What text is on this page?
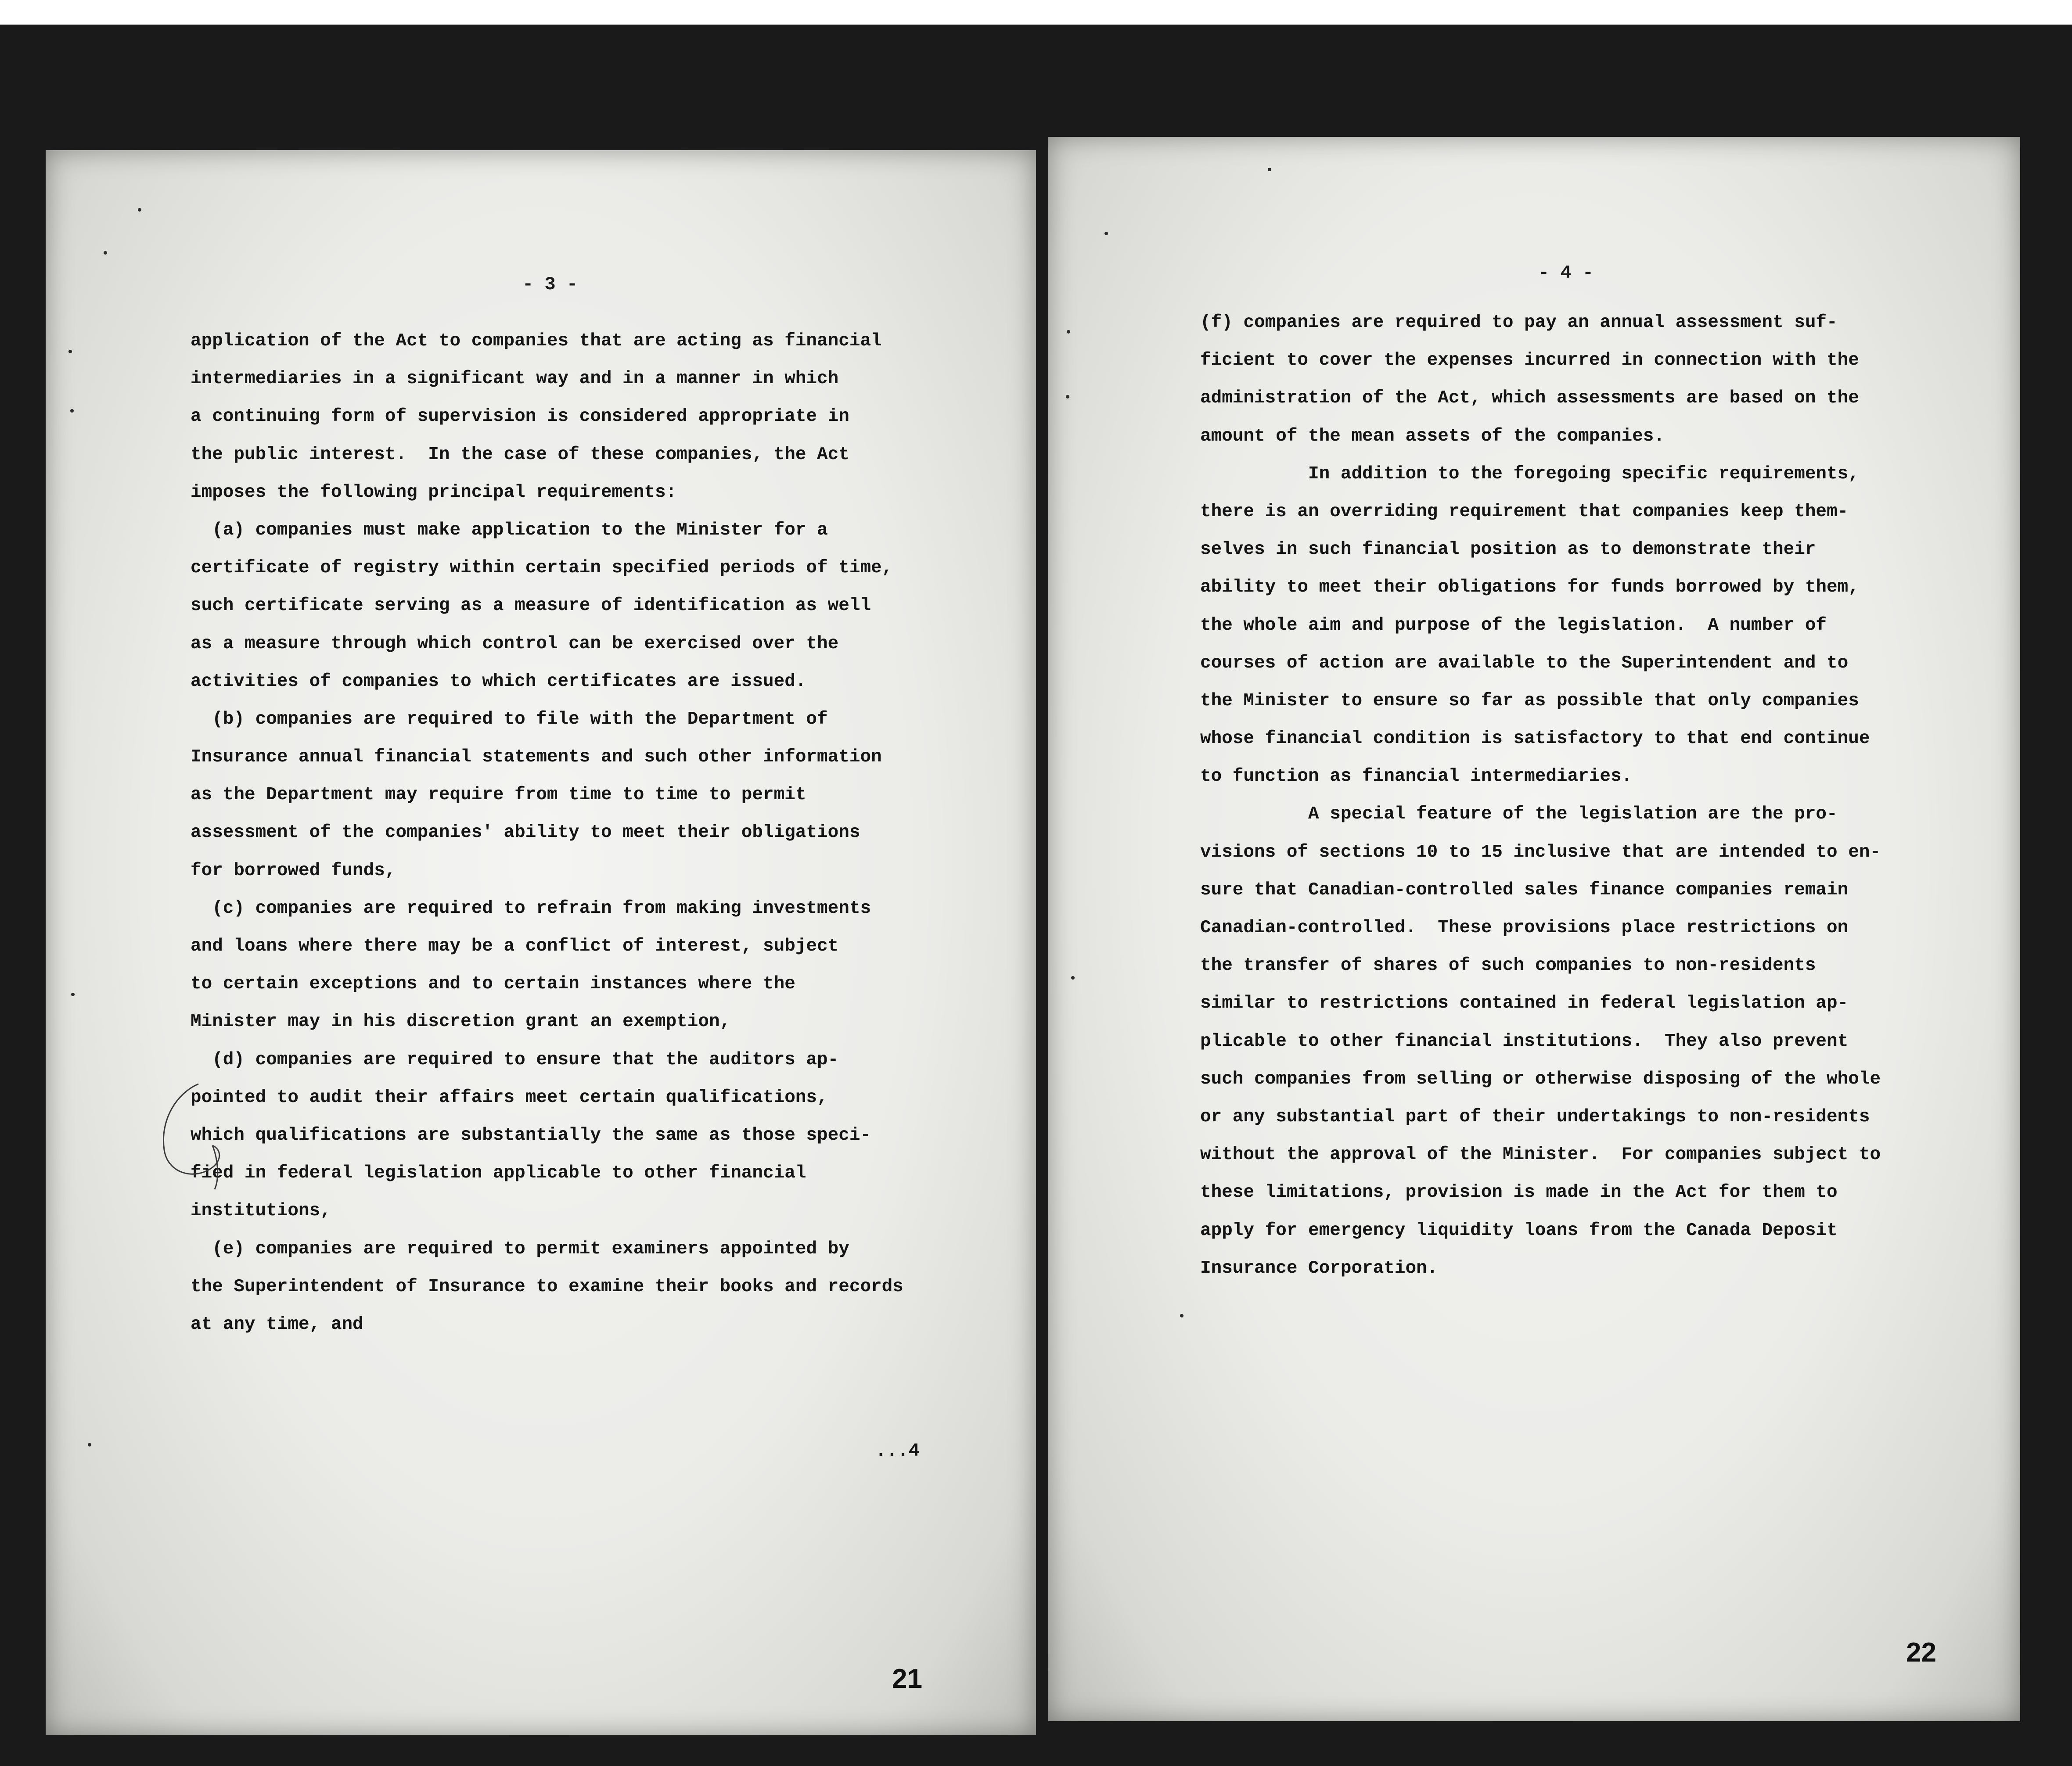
- 3 -
application of the Act to companies that are acting as financial
intermediaries in a significant way and in a manner in which
a continuing form of supervision is considered appropriate in
the public interest.  In the case of these companies, the Act
imposes the following principal requirements:
(a) companies must make application to the Minister for a
certificate of registry within certain specified periods of time,
such certificate serving as a measure of identification as well
as a measure through which control can be exercised over the
activities of companies to which certificates are issued.
(b) companies are required to file with the Department of
Insurance annual financial statements and such other information
as the Department may require from time to time to permit
assessment of the companies' ability to meet their obligations
for borrowed funds,
(c) companies are required to refrain from making investments
and loans where there may be a conflict of interest, subject
to certain exceptions and to certain instances where the
Minister may in his discretion grant an exemption,
(d) companies are required to ensure that the auditors ap-
pointed to audit their affairs meet certain qualifications,
which qualifications are substantially the same as those speci-
fied in federal legislation applicable to other financial
institutions,
(e) companies are required to permit examiners appointed by
the Superintendent of Insurance to examine their books and records
at any time, and
...4
21
- 4 -
(f) companies are required to pay an annual assessment suf-
ficient to cover the expenses incurred in connection with the
administration of the Act, which assessments are based on the
amount of the mean assets of the companies.
In addition to the foregoing specific requirements,
there is an overriding requirement that companies keep them-
selves in such financial position as to demonstrate their
ability to meet their obligations for funds borrowed by them,
the whole aim and purpose of the legislation.  A number of
courses of action are available to the Superintendent and to
the Minister to ensure so far as possible that only companies
whose financial condition is satisfactory to that end continue
to function as financial intermediaries.
A special feature of the legislation are the pro-
visions of sections 10 to 15 inclusive that are intended to en-
sure that Canadian-controlled sales finance companies remain
Canadian-controlled.  These provisions place restrictions on
the transfer of shares of such companies to non-residents
similar to restrictions contained in federal legislation ap-
plicable to other financial institutions.  They also prevent
such companies from selling or otherwise disposing of the whole
or any substantial part of their undertakings to non-residents
without the approval of the Minister.  For companies subject to
these limitations, provision is made in the Act for them to
apply for emergency liquidity loans from the Canada Deposit
Insurance Corporation.
22
